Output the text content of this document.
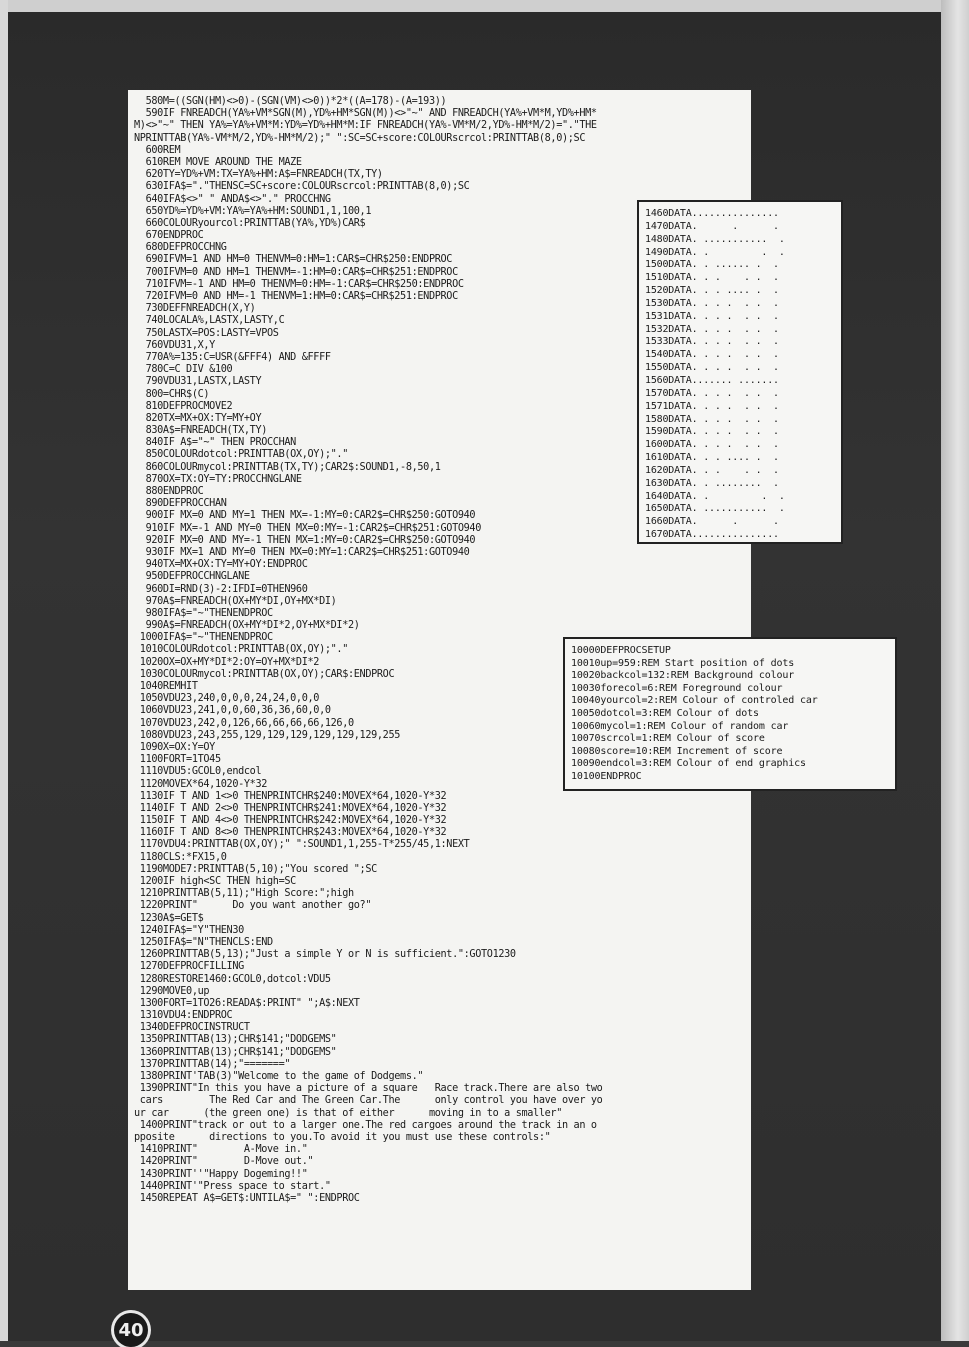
580M=((SGN(HM)<>0)-(SGN(VM)<>0))*2*((A=178)-(A=193))
590IF FNREADCH(YA%+VM*SGN(M),YD%+HM*SGN(M))<>"~" AND FNREADCH(YA%+VM*M,YD%+HM*
M)<>"~" THEN YA%=YA%+VM*M:YD%=YD%+HM*M:IF FNREADCH(YA%-VM*M/2,YD%-HM*M/2)="."THE
NPRINTTAB(YA%-VM*M/2,YD%-HM*M/2);" ":SC=SC+score:COLOURscrcol:PRINTTAB(8,0);SC
600REM
610REM MOVE AROUND THE MAZE
620TY=YD%+VM:TX=YA%+HM:A$=FNREADCH(TX,TY)
630IFA$="."THENSC=SC+score:COLOURscrcol:PRINTTAB(8,0);SC
640IFA$<>" " ANDA$<>"." PROCCHNG
650YD%=YD%+VM:YA%=YA%+HM:SOUND1,1,100,1
660COLOURyourcol:PRINTTAB(YA%,YD%)CAR$
670ENDPROC
680DEFPROCCHNG
690IFVM=1 AND HM=0 THENVM=0:HM=1:CAR$=CHR$250:ENDPROC
700IFVM=0 AND HM=1 THENVM=-1:HM=0:CAR$=CHR$251:ENDPROC
710IFVM=-1 AND HM=0 THENVM=0:HM=-1:CAR$=CHR$250:ENDPROC
720IFVM=0 AND HM=-1 THENVM=1:HM=0:CAR$=CHR$251:ENDPROC
730DEFFNREADCH(X,Y)
740LOCALA%,LASTX,LASTY,C
750LASTX=POS:LASTY=VPOS
760VDU31,X,Y
770A%=135:C=USR(&FFF4) AND &FFFF
780C=C DIV &100
790VDU31,LASTX,LASTY
800=CHR$(C)
810DEFPROCMOVE2
820TX=MX+OX:TY=MY+OY
830A$=FNREADCH(TX,TY)
840IF A$="~" THEN PROCCHAN
850COLOURdotcol:PRINTTAB(OX,OY);"."
860COLOURmycol:PRINTTAB(TX,TY);CAR2$:SOUND1,-8,50,1
870OX=TX:OY=TY:PROCCHNGLANE
880ENDPROC
890DEFPROCCHAN
900IF MX=0 AND MY=1 THEN MX=-1:MY=0:CAR2$=CHR$250:GOTO940
910IF MX=-1 AND MY=0 THEN MX=0:MY=-1:CAR2$=CHR$251:GOTO940
920IF MX=0 AND MY=-1 THEN MX=1:MY=0:CAR2$=CHR$250:GOTO940
930IF MX=1 AND MY=0 THEN MX=0:MY=1:CAR2$=CHR$251:GOTO940
940TX=MX+OX:TY=MY+OY:ENDPROC
950DEFPROCCHNGLANE
960DI=RND(3)-2:IFDI=0THEN960
970A$=FNREADCH(OX+MY*DI,OY+MX*DI)
980IFA$="~"THENENDPROC
990A$=FNREADCH(OX+MY*DI*2,OY+MX*DI*2)
1000IFA$="~"THENENDPROC
1010COLOURdotcol:PRINTTAB(OX,OY);"."
1020OX=OX+MY*DI*2:OY=OY+MX*DI*2
1030COLOURmycol:PRINTTAB(OX,OY);CAR$:ENDPROC
1040REMHIT
1050VDU23,240,0,0,0,24,24,0,0,0
1060VDU23,241,0,0,60,36,36,60,0,0
1070VDU23,242,0,126,66,66,66,66,126,0
1080VDU23,243,255,129,129,129,129,129,129,255
1090X=OX:Y=OY
1100FORT=1TO45
1110VDU5:GCOL0,endcol
1120MOVEX*64,1020-Y*32
1130IF T AND 1<>0 THENPRINTCHR$240:MOVEX*64,1020-Y*32
1140IF T AND 2<>0 THENPRINTCHR$241:MOVEX*64,1020-Y*32
1150IF T AND 4<>0 THENPRINTCHR$242:MOVEX*64,1020-Y*32
1160IF T AND 8<>0 THENPRINTCHR$243:MOVEX*64,1020-Y*32
1170VDU4:PRINTTAB(OX,OY);" ":SOUND1,1,255-T*255/45,1:NEXT
1180CLS:*FX15,0
1190MODE7:PRINTTAB(5,10);"You scored ";SC
1200IF high<SC THEN high=SC
1210PRINTTAB(5,11);"High Score:";high
1220PRINT"      Do you want another go?"
1230A$=GET$
1240IFA$="Y"THEN30
1250IFA$="N"THENCLS:END
1260PRINTTAB(5,13);"Just a simple Y or N is sufficient.":GOTO1230
1270DEFPROCFILLING
1280RESTORE1460:GCOL0,dotcol:VDU5
1290MOVE0,up
1300FORT=1TO26:READA$:PRINT" ";A$:NEXT
1310VDU4:ENDPROC
1340DEFPROCINSTRUCT
1350PRINTTAB(13);CHR$141;"DODGEMS"
1360PRINTTAB(13);CHR$141;"DODGEMS"
1370PRINTTAB(14);"======="
1380PRINT'TAB(3)"Welcome to the game of Dodgems."
1390PRINT"In this you have a picture of a square   Race track.There are also two
cars        The Red Car and The Green Car.The      only control you have over yo
ur car      (the green one) is that of either      moving in to a smaller"
1400PRINT"track or out to a larger one.The red cargoes around the track in an o
pposite      directions to you.To avoid it you must use these controls:"
1410PRINT"        A-Move in."
1420PRINT"        D-Move out."
1430PRINT''"Happy Dogeming!!"
1440PRINT'"Press space to start."
1450REPEAT A$=GET$:UNTILA$=" ":ENDPROC
1460DATA...............
1470DATA.      .      .
1480DATA. ...........  .
1490DATA. .         .  .
1500DATA. . ...... .  .
1510DATA. . .    . .  .
1520DATA. . . .... .  .
1530DATA. . . .  . .  .
1531DATA. . . .  . .  .
1532DATA. . . .  . .  .
1533DATA. . . .  . .  .
1540DATA. . . .  . .  .
1550DATA. . . .  . .  .
1560DATA....... .......
1570DATA. . . .  . .  .
1571DATA. . . .  . .  .
1580DATA. . . .  . .  .
1590DATA. . . .  . .  .
1600DATA. . . .  . .  .
1610DATA. . . .... .  .
1620DATA. . .    . .  .
1630DATA. . ........  .
1640DATA. .         .  .
1650DATA. ...........  .
1660DATA.      .      .
1670DATA...............
10000DEFPROCSETUP
10010up=959:REM Start position of dots
10020backcol=132:REM Background colour
10030forecol=6:REM Foreground colour
10040yourcol=2:REM Colour of controled car
10050dotcol=3:REM Colour of dots
10060mycol=1:REM Colour of random car
10070scrcol=1:REM Colour of score
10080score=10:REM Increment of score
10090endcol=3:REM Colour of end graphics
10100ENDPROC
40
